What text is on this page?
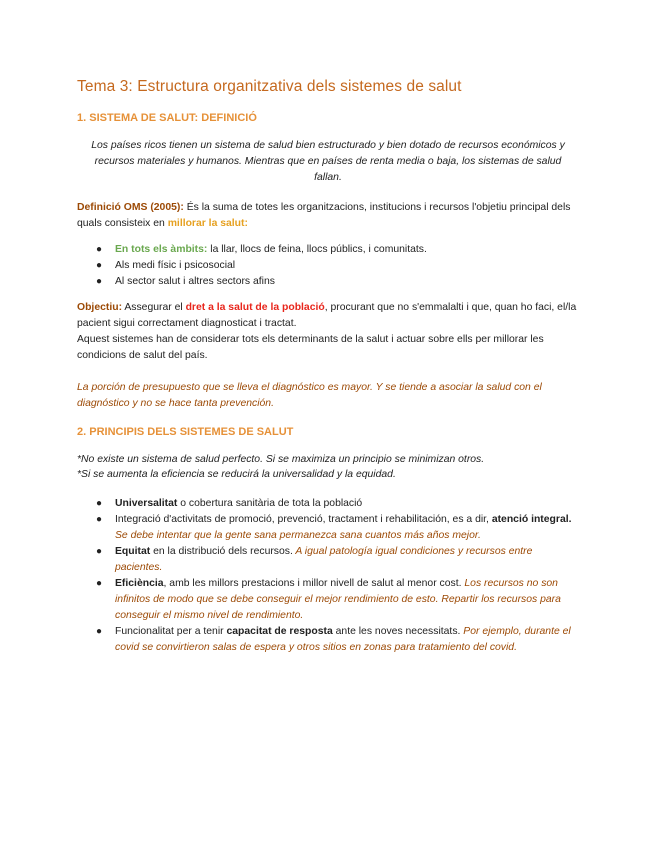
Tema 3: Estructura organitzativa dels sistemes de salut
1. SISTEMA DE SALUT: DEFINICIÓ

Los países ricos tienen un sistema de salud bien estructurado y bien dotado de recursos económicos y recursos materiales y humanos. Mientras que en países de renta media o baja, los sistemas de salud fallan.

Definició OMS (2005): És la suma de totes les organitzacions, institucions i recursos l'objetiu principal dels quals consisteix en millorar la salut:

● En tots els àmbits: la llar, llocs de feina, llocs públics, i comunitats.
● Als medi físic i psicosocial
● Al sector salut i altres sectors afins

Objectiu: Assegurar el dret a la salut de la població, procurant que no s'emmalalti i que, quan ho faci, el/la pacient sigui correctament diagnosticat i tractat.

Aquest sistemes han de considerar tots els determinants de la salut i actuar sobre ells per millorar les condicions de salut del país.

La porción de presupuesto que se lleva el diagnóstico es mayor. Y se tiende a asociar la salud con el diagnóstico y no se hace tanta prevención.

2. PRINCIPIS DELS SISTEMES DE SALUT
*No existe un sistema de salud perfecto. Si se maximiza un principio se minimizan otros.
*Si se aumenta la eficiencia se reducirá la universalidad y la equidad.
● Universalitat o cobertura sanitària de tota la població
● Integració d'activitats de promoció, prevenció, tractament i rehabilitación, es a dir, atenció integral. Se debe intentar que la gente sana permanezca sana cuantos más años mejor.
● Equitat en la distribució dels recursos. A igual patología igual condiciones y recursos entre pacientes.
● Eficiència, amb les millors prestacions i millor nivell de salut al menor cost. Los recursos no son infinitos de modo que se debe conseguir el mejor rendimiento de esto. Repartir los recursos para conseguir el mismo nivel de rendimiento.
● Funcionalitat per a tenir capacitat de resposta ante les noves necessitats. Por ejemplo, durante el covid se convirtieron salas de espera y otros sitios en zonas para tratamiento del covid.
